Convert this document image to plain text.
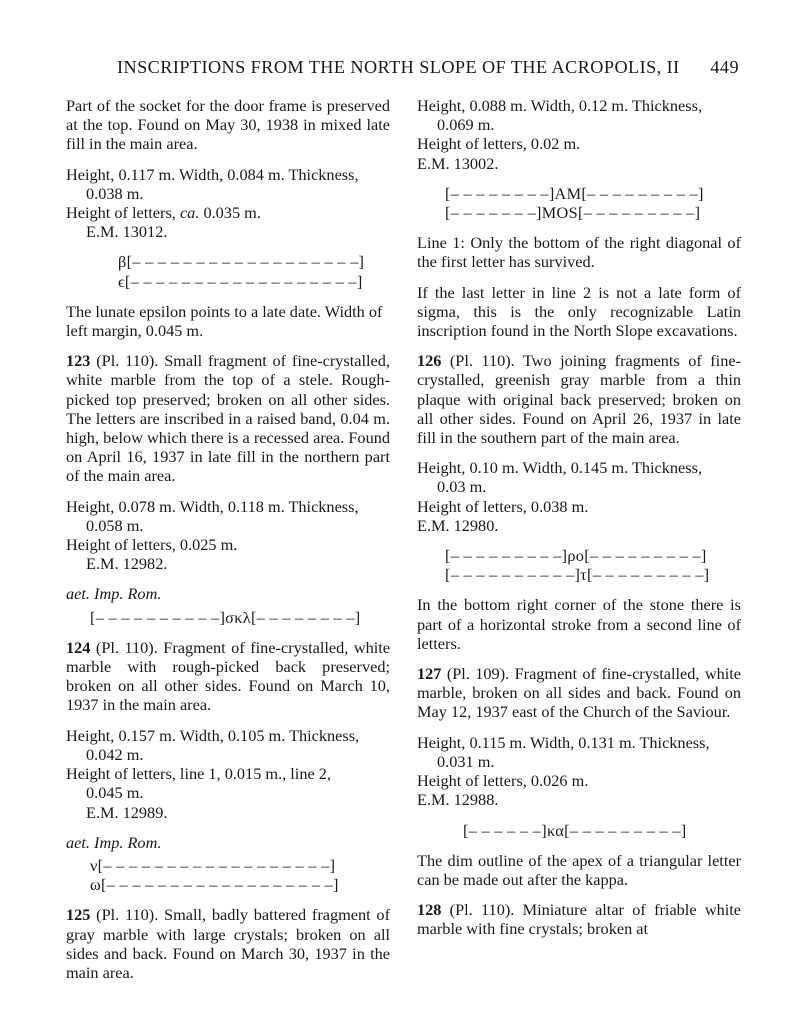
INSCRIPTIONS FROM THE NORTH SLOPE OF THE ACROPOLIS, II 449

Part of the socket for the door frame is preserved at the top. Found on May 30, 1938 in mixed late fill in the main area.

Height, 0.117 m. Width, 0.084 m. Thickness,
0.038 m.
Height of letters, ca. 0.035 m.
E.M. 13012.
β[– – – – – – – – – – – – – – – – – –]
ϵ[– – – – – – – – – – – – – – – – – –]

The lunate epsilon points to a late date. Width of left margin, 0.045 m.

123 (Pl. 110). Small fragment of fine-crystalled, white marble from the top of a stele. Rough-picked top preserved; broken on all other sides. The letters are inscribed in a raised band, 0.04 m. high, below which there is a recessed area. Found on April 16, 1937 in late fill in the northern part of the main area.

Height, 0.078 m. Width, 0.118 m. Thickness,
0.058 m.
Height of letters, 0.025 m.
E.M. 12982.
aet. Imp. Rom.
[– – – – – – – – – –]σκλ[– – – – – – – –]

124 (Pl. 110). Fragment of fine-crystalled, white marble with rough-picked back preserved; broken on all other sides. Found on March 10, 1937 in the main area.

Height, 0.157 m. Width, 0.105 m. Thickness,
0.042 m.
Height of letters, line 1, 0.015 m., line 2,
0.045 m.
E.M. 12989.
aet. Imp. Rom.
ν[– – – – – – – – – – – – – – – – – –]
ω[– – – – – – – – – – – – – – – – – –]

125 (Pl. 110). Small, badly battered fragment of gray marble with large crystals; broken on all sides and back. Found on March 30, 1937 in the main area.

Height, 0.088 m. Width, 0.12 m. Thickness,
0.069 m.
Height of letters, 0.02 m.
E.M. 13002.
[– – – – – – – –]AM[– – – – – – – – –]
[– – – – – – –]MOS[– – – – – – – – –]

Line 1: Only the bottom of the right diagonal of the first letter has survived.

If the last letter in line 2 is not a late form of sigma, this is the only recognizable Latin inscription found in the North Slope excavations.

126 (Pl. 110). Two joining fragments of fine-crystalled, greenish gray marble from a thin plaque with original back preserved; broken on all other sides. Found on April 26, 1937 in late fill in the southern part of the main area.

Height, 0.10 m. Width, 0.145 m. Thickness,
0.03 m.
Height of letters, 0.038 m.
E.M. 12980.
[– – – – – – – – –]ρο[– – – – – – – – –]
[– – – – – – – – – –]τ[– – – – – – – – –]

In the bottom right corner of the stone there is part of a horizontal stroke from a second line of letters.

127 (Pl. 109). Fragment of fine-crystalled, white marble, broken on all sides and back. Found on May 12, 1937 east of the Church of the Saviour.

Height, 0.115 m. Width, 0.131 m. Thickness,
0.031 m.
Height of letters, 0.026 m.
E.M. 12988.
[– – – – – –]κα[– – – – – – – – –]

The dim outline of the apex of a triangular letter can be made out after the kappa.

128 (Pl. 110). Miniature altar of friable white marble with fine crystals; broken at
